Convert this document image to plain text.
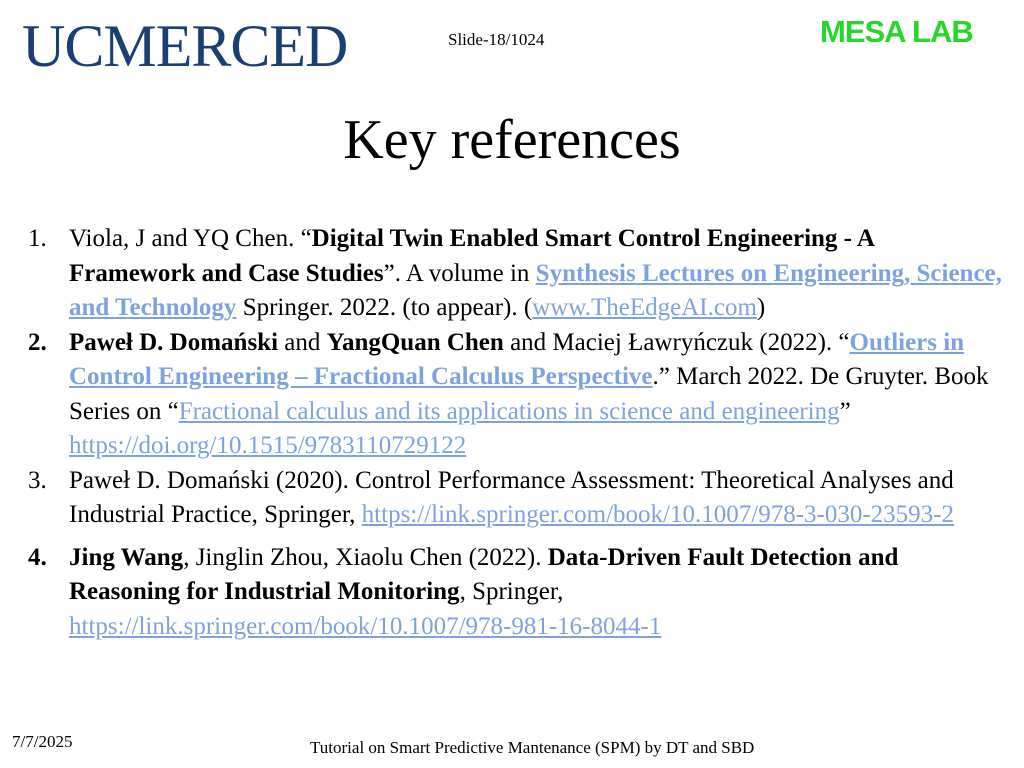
UCMERCED	Slide-18/1024	MESA LAB
Key references
1. Viola, J and YQ Chen. “Digital Twin Enabled Smart Control Engineering - A Framework and Case Studies”. A volume in Synthesis Lectures on Engineering, Science, and Technology Springer. 2022. (to appear). (www.TheEdgeAI.com)
2. Paweł D. Domański and YangQuan Chen and Maciej Ławryńczuk (2022). “Outliers in Control Engineering – Fractional Calculus Perspective.” March 2022. De Gruyter. Book Series on “Fractional calculus and its applications in science and engineering” https://doi.org/10.1515/9783110729122
3. Paweł D. Domański (2020). Control Performance Assessment: Theoretical Analyses and Industrial Practice, Springer, https://link.springer.com/book/10.1007/978-3-030-23593-2
4. Jing Wang, Jinglin Zhou, Xiaolu Chen (2022). Data-Driven Fault Detection and Reasoning for Industrial Monitoring, Springer, https://link.springer.com/book/10.1007/978-981-16-8044-1
7/7/2025	Tutorial on Smart Predictive Mantenance (SPM) by DT and SBD
